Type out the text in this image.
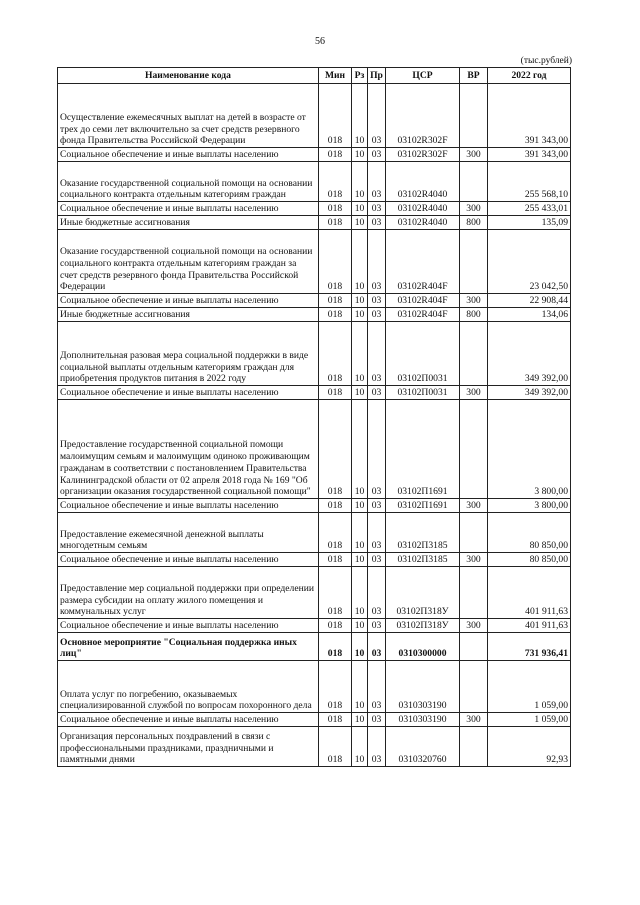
56
(тыс.рублей)
Наименование кода	Мин	Рз	Пр	ЦСР	ВР	2022 год
Осуществление ежемесячных выплат на детей в возрасте от трех до семи лет включительно за счет средств резервного фонда Правительства Российской Федерации	018	10	03	03102R302F		391 343,00
Социальное обеспечение и иные выплаты населению	018	10	03	03102R302F	300	391 343,00
Оказание государственной социальной помощи на основании социального контракта отдельным категориям граждан	018	10	03	03102R4040		255 568,10
Социальное обеспечение и иные выплаты населению	018	10	03	03102R4040	300	255 433,01
Иные бюджетные ассигнования	018	10	03	03102R4040	800	135,09
Оказание государственной социальной помощи на основании социального контракта отдельным категориям граждан за счет средств резервного фонда Правительства Российской Федерации	018	10	03	03102R404F		23 042,50
Социальное обеспечение и иные выплаты населению	018	10	03	03102R404F	300	22 908,44
Иные бюджетные ассигнования	018	10	03	03102R404F	800	134,06
Дополнительная разовая мера социальной поддержки в виде социальной выплаты отдельным категориям граждан для приобретения продуктов питания в 2022 году	018	10	03	03102П0031		349 392,00
Социальное обеспечение и иные выплаты населению	018	10	03	03102П0031	300	349 392,00
Предоставление государственной социальной помощи малоимущим семьям и малоимущим одиноко проживающим гражданам в соответствии с постановлением Правительства Калининградской области от 02 апреля 2018 года № 169 "Об организации оказания государственной социальной помощи"	018	10	03	03102П1691		3 800,00
Социальное обеспечение и иные выплаты населению	018	10	03	03102П1691	300	3 800,00
Предоставление ежемесячной денежной выплаты многодетным семьям	018	10	03	03102П3185		80 850,00
Социальное обеспечение и иные выплаты населению	018	10	03	03102П3185	300	80 850,00
Предоставление мер социальной поддержки при определении размера субсидии на оплату жилого помещения и коммунальных услуг	018	10	03	03102П318У		401 911,63
Социальное обеспечение и иные выплаты населению	018	10	03	03102П318У	300	401 911,63
Основное мероприятие "Социальная поддержка иных лиц"	018	10	03	0310300000		731 936,41
Оплата услуг по погребению, оказываемых специализированной службой по вопросам похоронного дела	018	10	03	0310303190		1 059,00
Социальное обеспечение и иные выплаты населению	018	10	03	0310303190	300	1 059,00
Организация персональных поздравлений в связи с профессиональными праздниками, праздничными и памятными днями	018	10	03	0310320760		92,93
